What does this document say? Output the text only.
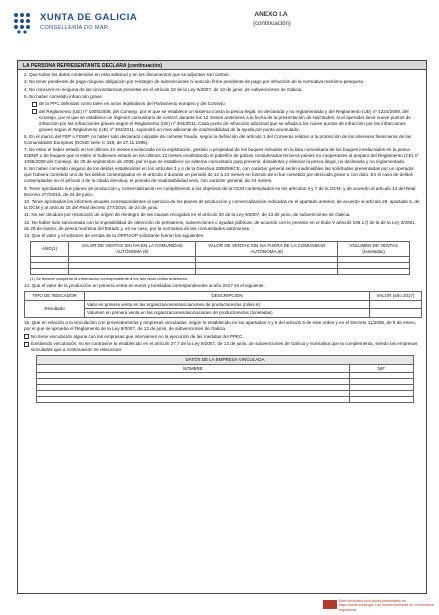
XUNTA DE GALICIA
CONSELLERÍA DO MAR
ANEXO I.A
(continuación)
LA PERSONA REPRESENTANTE DECLARA (continuación)
2. Que todos los datos contenidos en esta solicitud y en los documentos que se adjuntan son ciertos.
3. No tener pendiente de pago ninguna obligación por reintegro de subvenciones ni sanción firme pendiente de pago por infracción de la normativa marítimo-pesquera.
4. No concurrir en ninguna de las circunstancias previstas en el artículo 10 de la Ley 9/2007, de 13 de junio, de subvenciones de Galicia.
5. No haber cometido infracción grave:
de la PPC definidas como tales en actos legislativos del Parlamento europeo y del Consejo.
del Reglamento (UE) nº 1005/2008, del Consejo, por el que se establece un sistema contra la pesca ilegal, no declarada y no reglamentada y del Reglamento (UE) nº 1224/2009, del Consejo, por el que se establece un régimen comunitario de control; durante los 12 meses anteriores a la fecha de la presentación de solicitudes, si el operador tiene nueve puntos de infracción por las infracciones graves según el Reglamento (UE) nº 404/2011. Cada punto de infracción adicional que se añada a los nueve puntos de infracción por las infracciones graves según el Reglamento (UE) nº 404/2011, supondrá un mes adicional de inadmisibilidad de la ayuda por punto acumulado.
6. En el marco del FEP o FEMP, no haber sido declarado culpable de cometer fraude, según la definición del artículo 1 del Convenio relativo a la protección de los intereses financieros de las Comunidades Europeas (DOUE serie C 316, de 27.11.1995).
7. No estar el haber estado en los últimos 24 meses involucrada en la explotación, gestión o propiedad de los buques incluidos en la lista comunitaria de los buques involucrados en la pesca INDNR o de buques que ni estén ni hubiesen estado en los últimos 12 meses enarbolando el pabellón de países considerados terceros países no cooperantes al amparo del Reglamento (CE) nº 1005/2008 del Consejo, de 29 de septiembre de 2008, por el que se establece un sistema comunitario para prevenir, desalentar y eliminar la pesca ilegal, no declarada y no reglamentada.
8. No haber cometido ninguno de los delitos establecidos en los artículos 3 y 4 de la Directiva 2008/99/CE, con carácter general serán inadmisibles las solicitudes presentadas por un operador que hubiera cometido uno de los delitos contemplados en el artículo 3 durante un periodo de 12 a 24 meses en función de si fue cometido por descuido grave o con dolo. En el caso de delitos contemplados en el artículo 4 de la citada directiva, el periodo de inadmisibilidad será, con carácter general, de 24 meses.
9. Tener aprobados sus planes de producción y comercialización en cumplimiento a los objetivos de la OCM contemplados en los artículos 3 y 7 de la OCM, y de acuerdo al artículo 14 del Real Decreto 277/2016, de 24 de junio.
10. Tener aprobados los informes anuales correspondientes al ejercicio de los planes de producción y comercialización indicados en el apartado anterior, de acuerdo al artículo 28, apartado 5, de la OCM y al artículo 15 del Real decreto 277/2016, de 24 de junio.
11. No ser deudora por resolución de origen de reintegro de las causas recogidas en el artículo 33 de la Ley 9/2007, de 13 de junio, de subvenciones de Galicia.
12. No haber sido sancionada con la imposibilidad de obtención de préstamos, subvenciones o ayudas públicas, de acuerdo con lo previsto en el título V artículo 105.1.f) de la de la Ley 3/2001, de 26 de marzo, de pesca marítima del Estado y, en su caso, por la normativa de las comunidades autónomas.
13. Que el valor y el volumen de ventas de la OPP/AOP solicitante fueron los siguientes:
AÑO(1)	VALOR DE VENTAS SIN IVA EN LA COMUNIDAD AUTÓNOMA (€)	VALOR DE VENTAS SIN IVA FUERA DE LA COMUNIDAD AUTÓNOMA (€)	VOLUMEN DE VENTAS (toneladas)

(1) Se deberá completar la información correspondiente a los tres años civiles anteriores.
14. Que el valor de la producción en primera venta en euros y toneladas correspondientes al año 2017 es el siguiente:
TIPO DE INDICADOR	DESCRIPCIÓN	VALOR (año 2017)
Resultado	Valor en primera venta en las organizaciones/asociaciones de productores/as (miles €)	
	Volumen en primera venta en las organizaciones/asociaciones de productores/as (toneladas)	
15. Que en relación a la vinculación con proveedores/as y empresas vinculadas, según lo establecido en los apartados 4 y 5 del artículo 6 de este orden y en el Decreto 11/2009, de 8 de enero, por el que se aprueba el Reglamento de la Ley 9/2007, de 13 de junio, de subvenciones de Galicia.
No tiene vinculación alguna con las empresas que intervienen en la ejecución de las medidas del PPEC.
Existiendo vinculación, no se contravine lo establecido en el artículo 27.7 de la Ley 9/2007, de 13 de junio, de subvenciones de Galicia y normativa que la complementa, siendo las empresas vinculadas que a continuación se relacionan:
DATOS DE LA EMPRESA VINCULADA	
NOMBRE	NIF

Este formulario sólo podrá presentarse en https://sede.xunta.gal. Las formas previstas en la normativa reguladora
